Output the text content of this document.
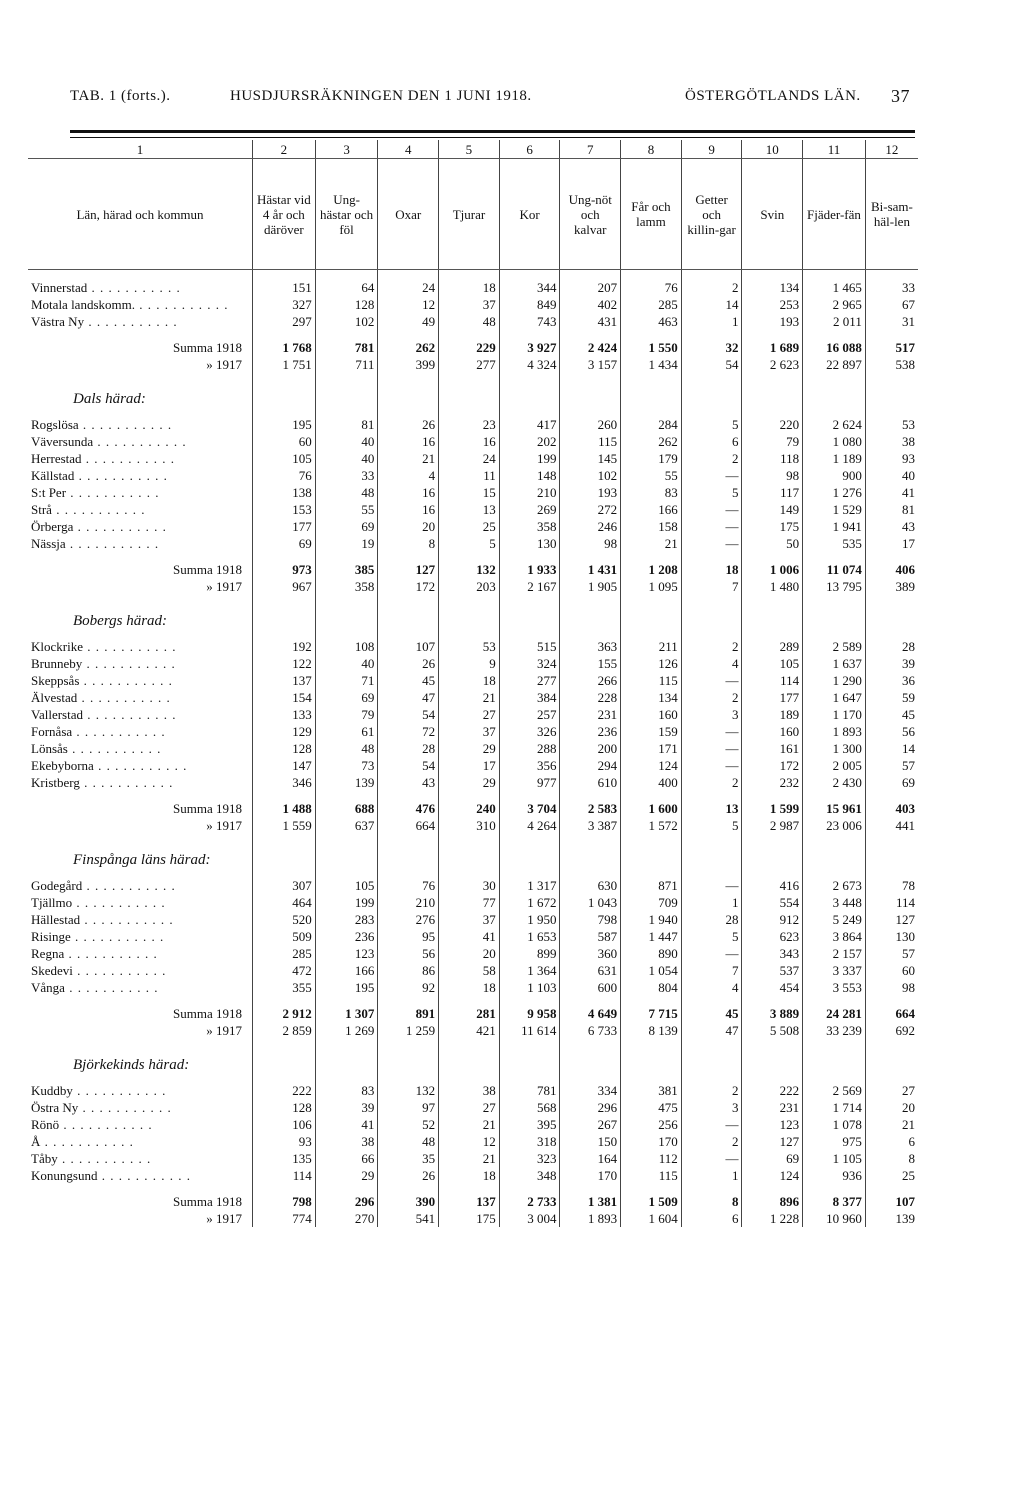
TAB. 1 (forts.).	HUSDJURSRÄKNINGEN DEN 1 JUNI 1918.	ÖSTERGÖTLANDS LÄN. 37
1	2	3	4	5	6	7	8	9	10	11	12
Län, härad och kommun	Hästar vid 4 år och däröver	Ung-hästar och föl	Oxar	Tjurar	Kor	Ung-nöt och kalvar	Får och lamm	Getter och killin-gar	Svin	Fjäder-fän	Bi-sam-häl-len

Vinnerstad . . .	151	64	24	18	344	207	76	2	134	1 465	33
Motala landskomm. . . .	327	128	12	37	849	402	285	14	253	2 965	67
Västra Ny . . .	297	102	49	48	743	431	463	1	193	2 011	31

Summa 1918	1 768	781	262	229	3 927	2 424	1 550	32	1 689	16 088	517
» 1917	1 751	711	399	277	4 324	3 157	1 434	54	2 623	22 897	538

Dals härad:											
Rogslösa . . .	195	81	26	23	417	260	284	5	220	2 624	53
Väversunda . . .	60	40	16	16	202	115	262	6	79	1 080	38
Herrestad . . .	105	40	21	24	199	145	179	2	118	1 189	93
Källstad . . .	76	33	4	11	148	102	55	—	98	900	40
S:t Per . . .	138	48	16	15	210	193	83	5	117	1 276	41
Strå . . .	153	55	16	13	269	272	166	—	149	1 529	81
Örberga . . .	177	69	20	25	358	246	158	—	175	1 941	43
Nässja . . .	69	19	8	5	130	98	21	—	50	535	17

Summa 1918	973	385	127	132	1 933	1 431	1 208	18	1 006	11 074	406
» 1917	967	358	172	203	2 167	1 905	1 095	7	1 480	13 795	389

Bobergs härad:											
Klockrike . . .	192	108	107	53	515	363	211	2	289	2 589	28
Brunneby . . .	122	40	26	9	324	155	126	4	105	1 637	39
Skeppsås . . .	137	71	45	18	277	266	115	—	114	1 290	36
Älvestad . . .	154	69	47	21	384	228	134	2	177	1 647	59
Vallerstad . . .	133	79	54	27	257	231	160	3	189	1 170	45
Fornåsa . . .	129	61	72	37	326	236	159	—	160	1 893	56
Lönsås . . .	128	48	28	29	288	200	171	—	161	1 300	14
Ekebyborna . . .	147	73	54	17	356	294	124	—	172	2 005	57
Kristberg . . .	346	139	43	29	977	610	400	2	232	2 430	69

Summa 1918	1 488	688	476	240	3 704	2 583	1 600	13	1 599	15 961	403
» 1917	1 559	637	664	310	4 264	3 387	1 572	5	2 987	23 006	441

Finspånga läns härad:											
Godegård . . .	307	105	76	30	1 317	630	871	—	416	2 673	78
Tjällmo . . .	464	199	210	77	1 672	1 043	709	1	554	3 448	114
Hällestad . . .	520	283	276	37	1 950	798	1 940	28	912	5 249	127
Risinge . . .	509	236	95	41	1 653	587	1 447	5	623	3 864	130
Regna . . .	285	123	56	20	899	360	890	—	343	2 157	57
Skedevi . . .	472	166	86	58	1 364	631	1 054	7	537	3 337	60
Vånga . . .	355	195	92	18	1 103	600	804	4	454	3 553	98

Summa 1918	2 912	1 307	891	281	9 958	4 649	7 715	45	3 889	24 281	664
» 1917	2 859	1 269	1 259	421	11 614	6 733	8 139	47	5 508	33 239	692

Björkekinds härad:											
Kuddby . . .	222	83	132	38	781	334	381	2	222	2 569	27
Östra Ny . . .	128	39	97	27	568	296	475	3	231	1 714	20
Rönö . . .	106	41	52	21	395	267	256	—	123	1 078	21
Å . . .	93	38	48	12	318	150	170	2	127	975	6
Tåby . . .	135	66	35	21	323	164	112	—	69	1 105	8
Konungsund . . .	114	29	26	18	348	170	115	1	124	936	25

Summa 1918	798	296	390	137	2 733	1 381	1 509	8	896	8 377	107
» 1917	774	270	541	175	3 004	1 893	1 604	6	1 228	10 960	139
